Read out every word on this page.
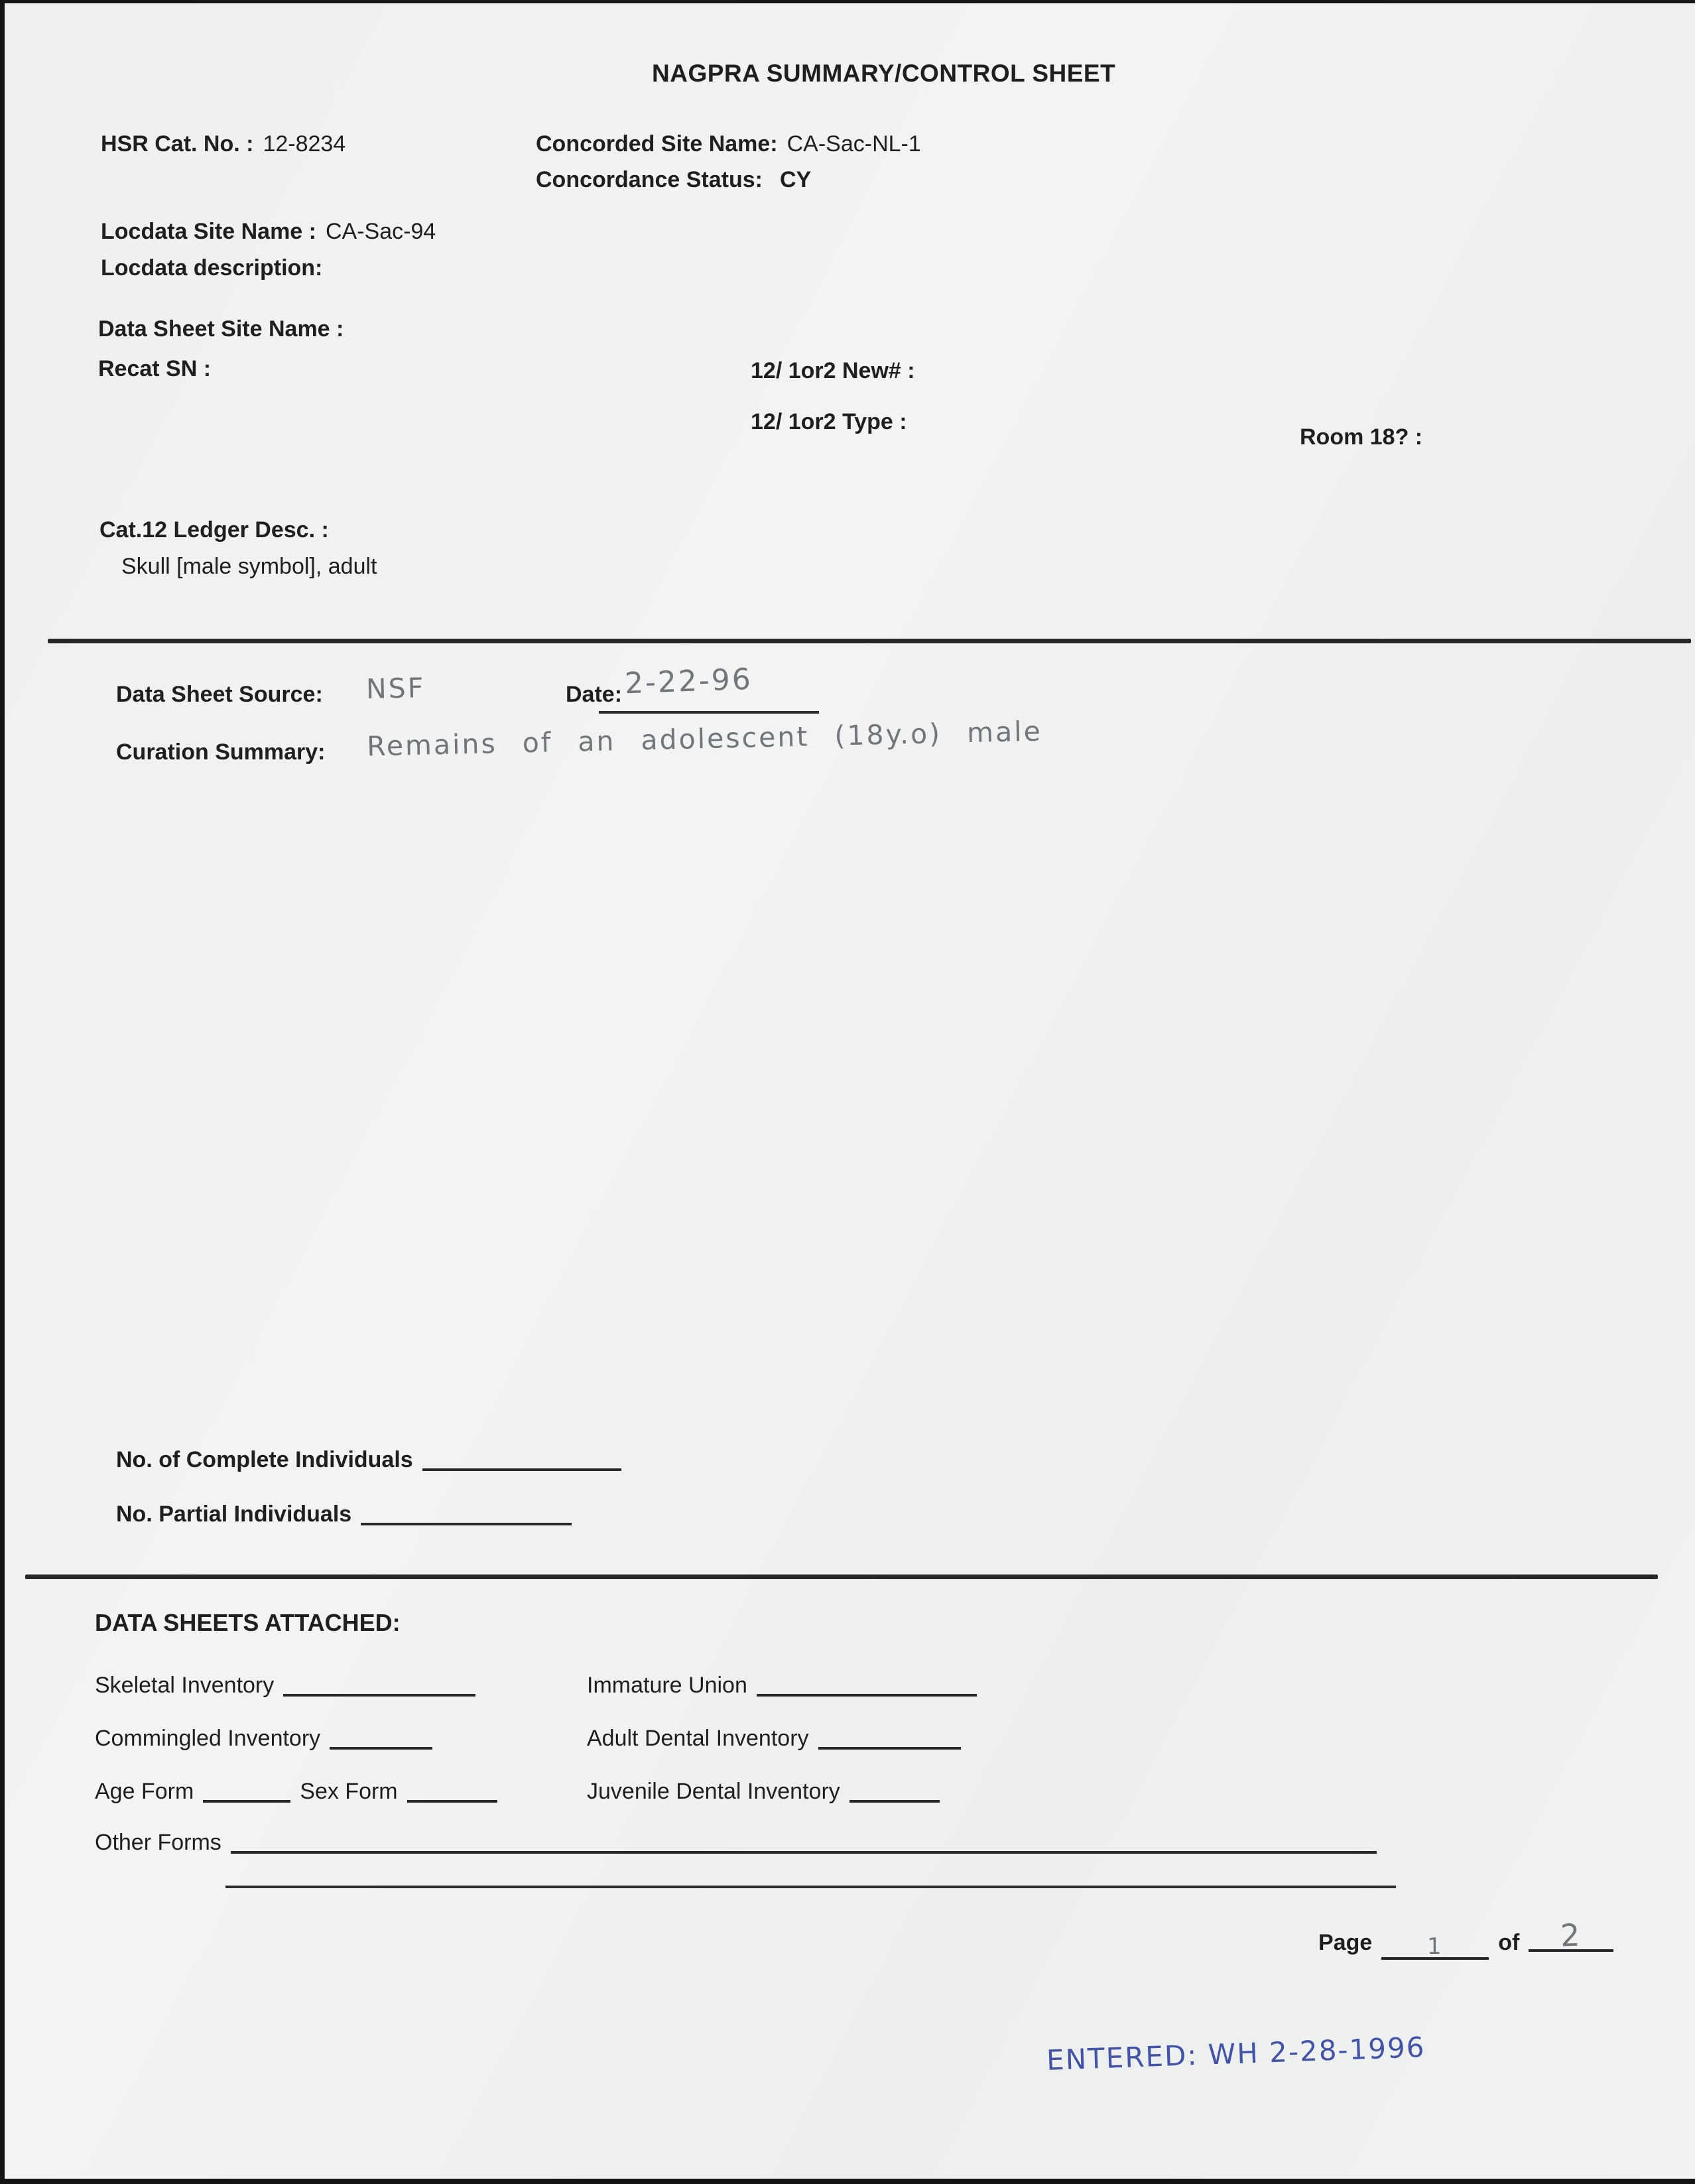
NAGPRA SUMMARY/CONTROL SHEET
HSR Cat. No. : 12-8234	Concorded Site Name: CA-Sac-NL-1
Concordance Status: CY
Locdata Site Name : CA-Sac-94
Locdata description:
Data Sheet Site Name :
Recat SN :	12/ 1or2 New# :
12/ 1or2 Type :
Room 18? :
Cat.12 Ledger Desc. :
Skull [male symbol], adult
Data Sheet Source: NSF	Date: 2-22-96
Curation Summary: Remains of an adolescent (18y.o) male
No. of Complete Individuals
No. Partial Individuals
DATA SHEETS ATTACHED:
Skeletal Inventory	Immature Union
Commingled Inventory	Adult Dental Inventory
Age Form	Sex Form	Juvenile Dental Inventory
Other Forms
Page 1 of 2
ENTERED: WH 2-28-1996
